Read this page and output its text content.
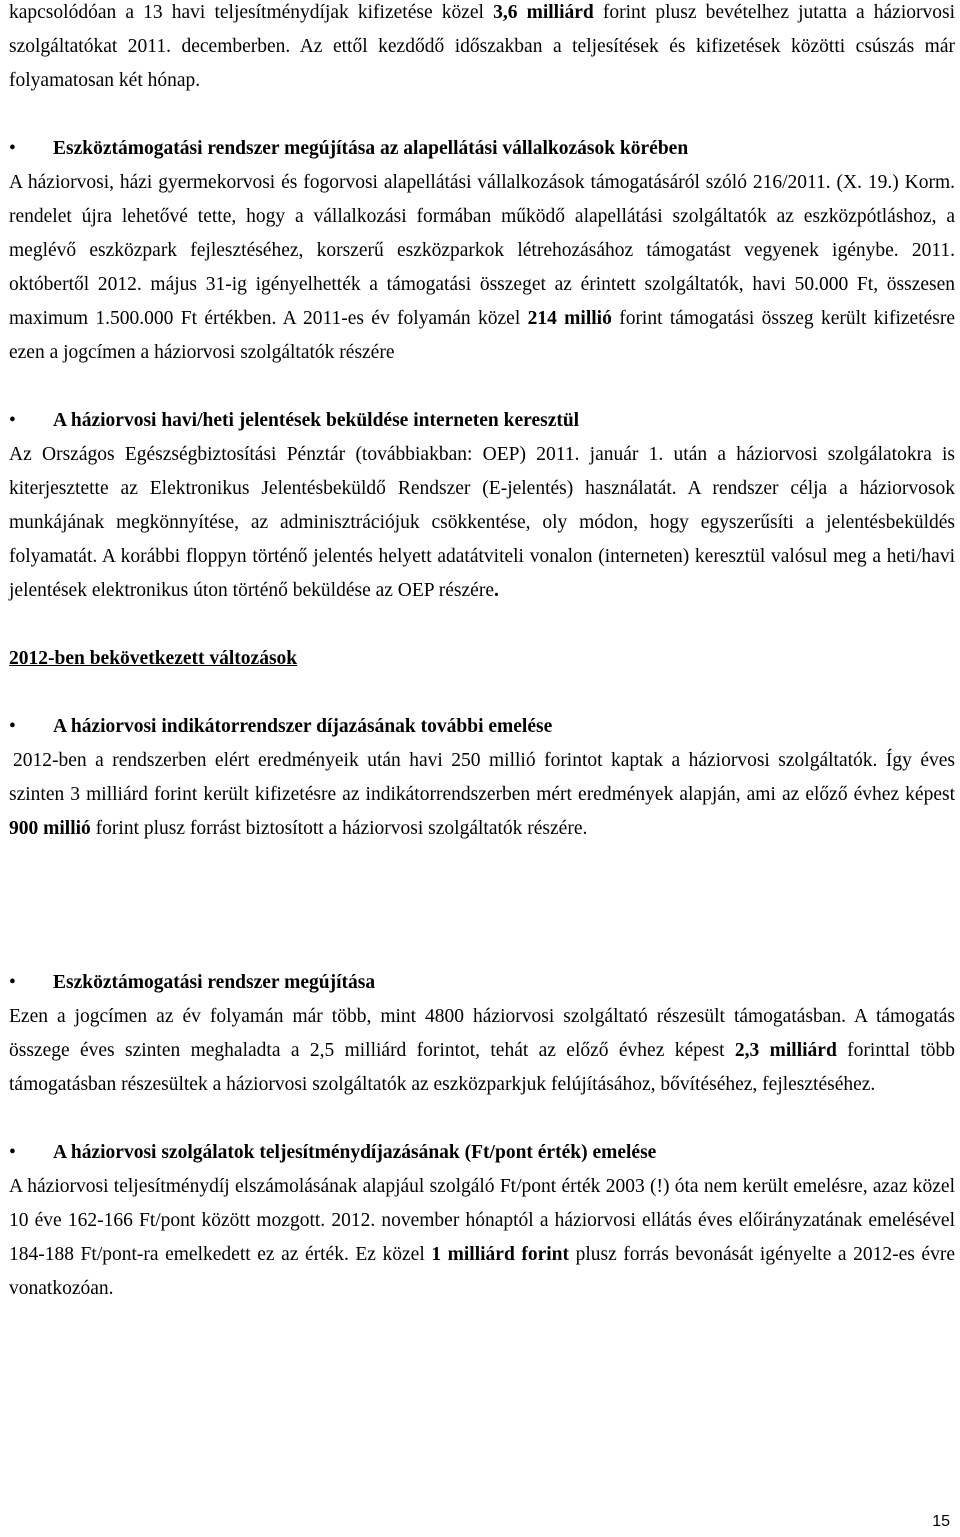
kapcsolódóan a 13 havi teljesítménydíjak kifizetése közel 3,6 milliárd forint plusz bevételhez jutatta a háziorvosi szolgáltatókat 2011. decemberben. Az ettől kezdődő időszakban a teljesítések és kifizetések közötti csúszás már folyamatosan két hónap.

• Eszköztámogatási rendszer megújítása az alapellátási vállalkozások körében

A háziorvosi, házi gyermekorvosi és fogorvosi alapellátási vállalkozások támogatásáról szóló 216/2011. (X. 19.) Korm. rendelet újra lehetővé tette, hogy a vállalkozási formában működő alapellátási szolgáltatók az eszközpótláshoz, a meglévő eszközpark fejlesztéséhez, korszerű eszközparkok létrehozásához támogatást vegyenek igénybe. 2011. októbertől 2012. május 31-ig igényelhették a támogatási összeget az érintett szolgáltatók, havi 50.000 Ft, összesen maximum 1.500.000 Ft értékben. A 2011-es év folyamán közel 214 millió forint támogatási összeg került kifizetésre ezen a jogcímen a háziorvosi szolgáltatók részére

• A háziorvosi havi/heti jelentések beküldése interneten keresztül

Az Országos Egészségbiztosítási Pénztár (továbbiakban: OEP) 2011. január 1. után a háziorvosi szolgálatokra is kiterjesztette az Elektronikus Jelentésbeküldő Rendszer (E-jelentés) használatát. A rendszer célja a háziorvosok munkájának megkönnyítése, az adminisztrációjuk csökkentése, oly módon, hogy egyszerűsíti a jelentésbeküldés folyamatát. A korábbi floppyn történő jelentés helyett adatátviteli vonalon (interneten) keresztül valósul meg a heti/havi jelentések elektronikus úton történő beküldése az OEP részére.

2012-ben bekövetkezett változások
• A háziorvosi indikátorrendszer díjazásának további emelése

2012-ben a rendszerben elért eredményeik után havi 250 millió forintot kaptak a háziorvosi szolgáltatók. Így éves szinten 3 milliárd forint került kifizetésre az indikátorrendszerben mért eredmények alapján, ami az előző évhez képest 900 millió forint plusz forrást biztosított a háziorvosi szolgáltatók részére.

• Eszköztámogatási rendszer megújítása

Ezen a jogcímen az év folyamán már több, mint 4800 háziorvosi szolgáltató részesült támogatásban. A támogatás összege éves szinten meghaladta a 2,5 milliárd forintot, tehát az előző évhez képest 2,3 milliárd forinttal több támogatásban részesültek a háziorvosi szolgáltatók az eszközparkjuk felújításához, bővítéséhez, fejlesztéséhez.

• A háziorvosi szolgálatok teljesítménydíjazásának (Ft/pont érték) emelése

A háziorvosi teljesítménydíj elszámolásának alapjául szolgáló Ft/pont érték 2003 (!) óta nem került emelésre, azaz közel 10 éve 162-166 Ft/pont között mozgott. 2012. november hónaptól a háziorvosi ellátás éves előirányzatának emelésével 184-188 Ft/pont-ra emelkedett ez az érték. Ez közel 1 milliárd forint plusz forrás bevonását igényelte a 2012-es évre vonatkozóan.

15
